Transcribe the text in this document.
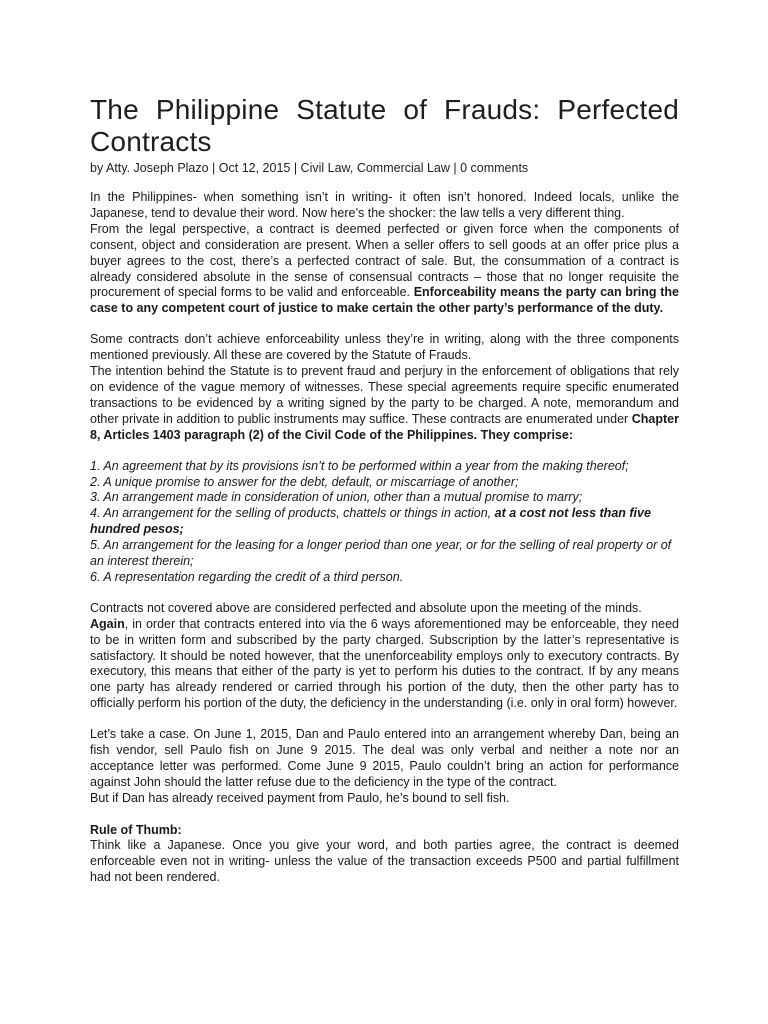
The Philippine Statute of Frauds: Perfected Contracts
by Atty. Joseph Plazo | Oct 12, 2015 | Civil Law, Commercial Law | 0 comments

In the Philippines- when something isn’t in writing- it often isn’t honored. Indeed locals, unlike the Japanese, tend to devalue their word. Now here’s the shocker: the law tells a very different thing.

From the legal perspective, a contract is deemed perfected or given force when the components of consent, object and consideration are present. When a seller offers to sell goods at an offer price plus a buyer agrees to the cost, there’s a perfected contract of sale. But, the consummation of a contract is already considered absolute in the sense of consensual contracts – those that no longer requisite the procurement of special forms to be valid and enforceable. Enforceability means the party can bring the case to any competent court of justice to make certain the other party’s performance of the duty.

Some contracts don’t achieve enforceability unless they’re in writing, along with the three components mentioned previously. All these are covered by the Statute of Frauds.

The intention behind the Statute is to prevent fraud and perjury in the enforcement of obligations that rely on evidence of the vague memory of witnesses. These special agreements require specific enumerated transactions to be evidenced by a writing signed by the party to be charged. A note, memorandum and other private in addition to public instruments may suffice. These contracts are enumerated under Chapter 8, Articles 1403 paragraph (2) of the Civil Code of the Philippines. They comprise:

1. An agreement that by its provisions isn’t to be performed within a year from the making thereof;

2. A unique promise to answer for the debt, default, or miscarriage of another;

3. An arrangement made in consideration of union, other than a mutual promise to marry;

4. An arrangement for the selling of products, chattels or things in action, at a cost not less than five hundred pesos;

5. An arrangement for the leasing for a longer period than one year, or for the selling of real property or of an interest therein;

6. A representation regarding the credit of a third person.

Contracts not covered above are considered perfected and absolute upon the meeting of the minds.

Again, in order that contracts entered into via the 6 ways aforementioned may be enforceable, they need to be in written form and subscribed by the party charged. Subscription by the latter’s representative is satisfactory. It should be noted however, that the unenforceability employs only to executory contracts. By executory, this means that either of the party is yet to perform his duties to the contract. If by any means one party has already rendered or carried through his portion of the duty, then the other party has to officially perform his portion of the duty, the deficiency in the understanding (i.e. only in oral form) however.

Let’s take a case. On June 1, 2015, Dan and Paulo entered into an arrangement whereby Dan, being an fish vendor, sell Paulo fish on June 9 2015. The deal was only verbal and neither a note nor an acceptance letter was performed. Come June 9 2015, Paulo couldn’t bring an action for performance against John should the latter refuse due to the deficiency in the type of the contract.

But if Dan has already received payment from Paulo, he’s bound to sell fish.

Rule of Thumb:

Think like a Japanese. Once you give your word, and both parties agree, the contract is deemed enforceable even not in writing- unless the value of the transaction exceeds P500 and partial fulfillment had not been rendered.
